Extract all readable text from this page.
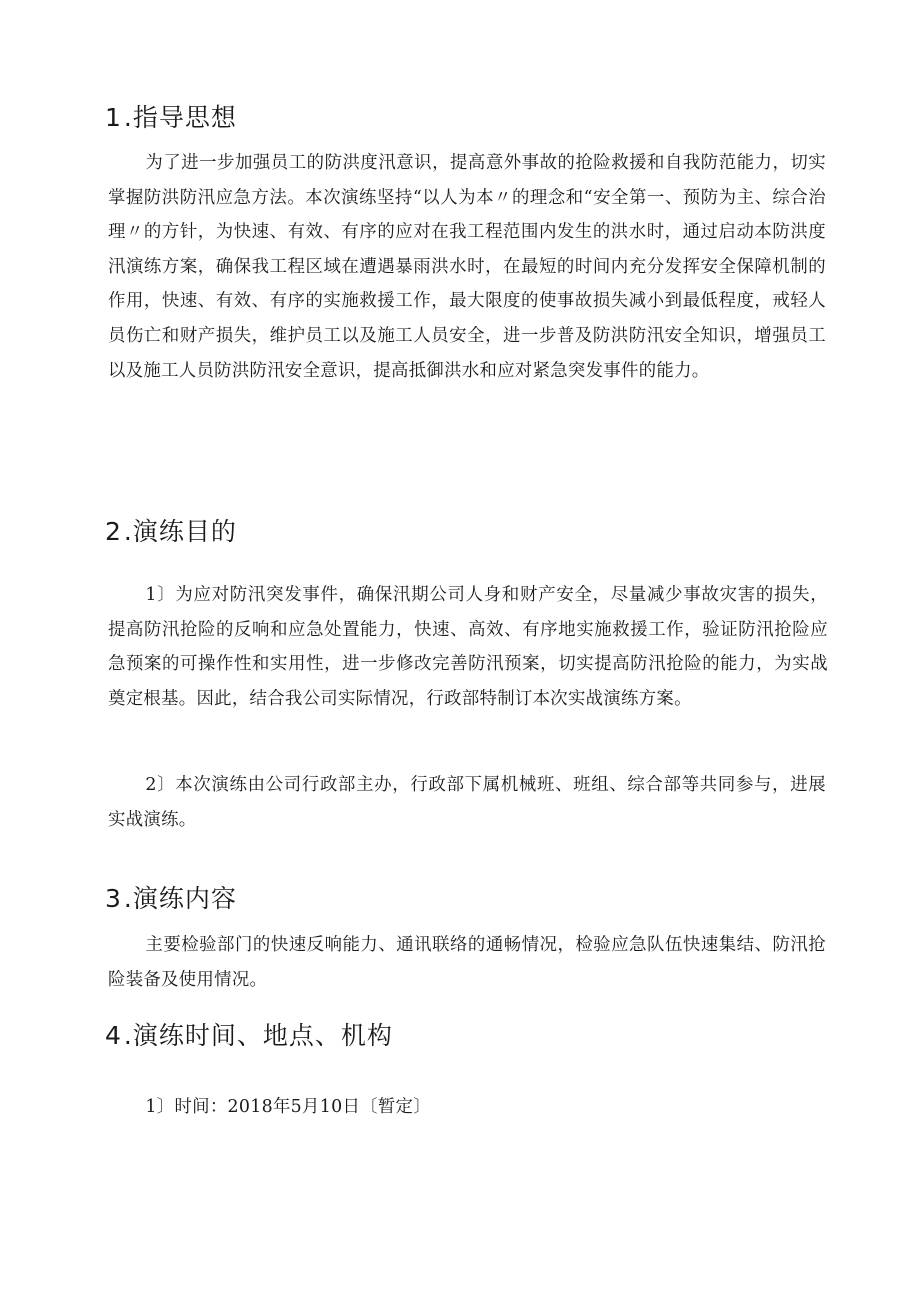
1.指导思想

为了进一步加强员工的防洪度汛意识，提高意外事故的抢险救援和自我防范能力，切实掌握防洪防汛应急方法。本次演练坚持“以人为本〃的理念和“安全第一、预防为主、综合治理〃的方针，为快速、有效、有序的应对在我工程范围内发生的洪水时，通过启动本防洪度汛演练方案，确保我工程区域在遭遇暴雨洪水时，在最短的时间内充分发挥安全保障机制的作用，快速、有效、有序的实施救援工作，最大限度的使事故损失减小到最低程度，戒轻人员伤亡和财产损失，维护员工以及施工人员安全，进一步普及防洪防汛安全知识，增强员工以及施工人员防洪防汛安全意识，提高抵御洪水和应对紧急突发事件的能力。

2.演练目的

1〕为应对防汛突发事件，确保汛期公司人身和财产安全，尽量减少事故灾害的损失，提高防汛抢险的反响和应急处置能力，快速、高效、有序地实施救援工作，验证防汛抢险应急预案的可操作性和实用性，进一步修改完善防汛预案，切实提高防汛抢险的能力，为实战奠定根基。因此，结合我公司实际情况，行政部特制订本次实战演练方案。

2〕本次演练由公司行政部主办，行政部下属机械班、班组、综合部等共同参与，进展实战演练。

3.演练内容

主要检验部门的快速反响能力、通讯联络的通畅情况，检验应急队伍快速集结、防汛抢险装备及使用情况。

4.演练时间、地点、机构

1〕时间：2018年5月10日〔暂定〕
